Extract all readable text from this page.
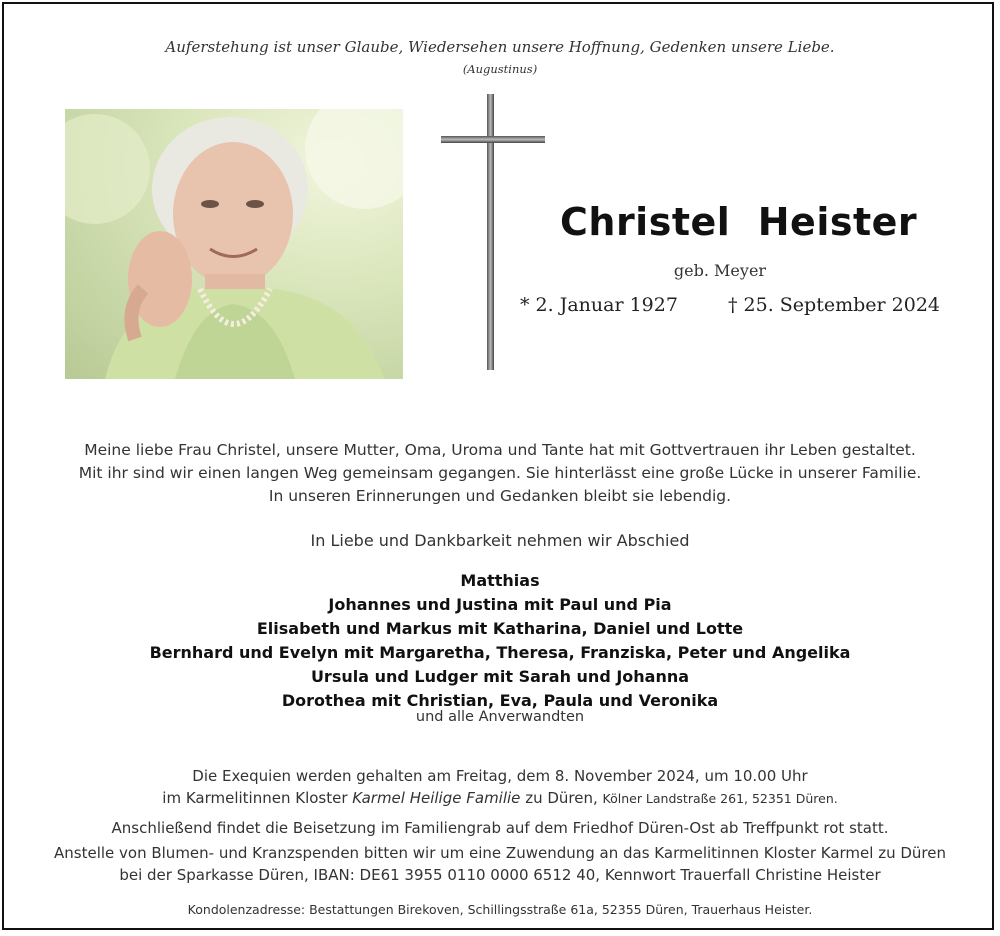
Auferstehung ist unser Glaube, Wiedersehen unsere Hoffnung, Gedenken unsere Liebe.
(Augustinus)
Christel  Heister
geb. Meyer
* 2. Januar 1927	† 25. September 2024
Meine liebe Frau Christel, unsere Mutter, Oma, Uroma und Tante hat mit Gottvertrauen ihr Leben gestaltet.
Mit ihr sind wir einen langen Weg gemeinsam gegangen. Sie hinterlässt eine große Lücke in unserer Familie.
In unseren Erinnerungen und Gedanken bleibt sie lebendig.
In Liebe und Dankbarkeit nehmen wir Abschied
Matthias
Johannes und Justina mit Paul und Pia
Elisabeth und Markus mit Katharina, Daniel und Lotte
Bernhard und Evelyn mit Margaretha, Theresa, Franziska, Peter und Angelika
Ursula und Ludger mit Sarah und Johanna
Dorothea mit Christian, Eva, Paula und Veronika
und alle Anverwandten
Die Exequien werden gehalten am Freitag, dem 8. November 2024, um 10.00 Uhr
im Karmelitinnen Kloster Karmel Heilige Familie zu Düren, Kölner Landstraße 261, 52351 Düren.
Anschließend findet die Beisetzung im Familiengrab auf dem Friedhof Düren-Ost ab Treffpunkt rot statt.
Anstelle von Blumen- und Kranzspenden bitten wir um eine Zuwendung an das Karmelitinnen Kloster Karmel zu Düren
bei der Sparkasse Düren, IBAN: DE61 3955 0110 0000 6512 40, Kennwort Trauerfall Christine Heister
Kondolenzadresse: Bestattungen Birekoven, Schillingsstraße 61a, 52355 Düren, Trauerhaus Heister.
